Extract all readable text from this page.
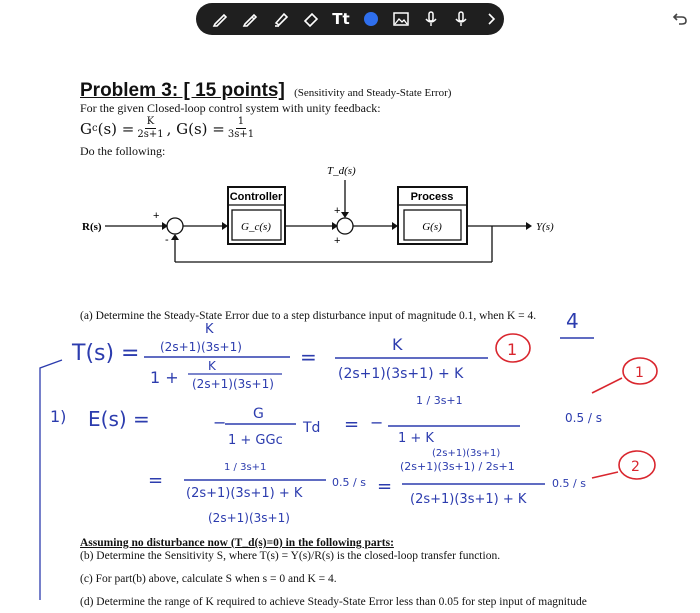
Tt
Problem 3: [ 15 points] (Sensitivity and Steady-State Error)
For the given Closed-loop control system with unity feedback:
G c $(s) = \frac{K}{2s+1}$ , $G(s) = \frac{1}{3s+1}$
Do the following:
T_d(s)
R(s)
+
-
Controller
G_c(s)
+
+
Process
G(s)	Y(s)
(a) Determine the Steady-State Error due to a step disturbance input of magnitude 0.1, when K = 4. 4
T(s) =
K
(2s+1)(3s+1)
1 +
K
(2s+1)(3s+1)
=
K
(2s+1)(3s+1) + K
1) E(s) =	− G
1 + GGc
Td = −
1 / 3s+1
1 + K
(2s+1)(3s+1)
0.5 / s
=
1 / 3s+1
(2s+1)(3s+1) + K
(2s+1)(3s+1)
0.5 / s =
(2s+1)(3s+1) / 2s+1
(2s+1)(3s+1) + K
0.5 / s
1
1
2
Assuming no disturbance now (T_d(s)=0) in the following parts:
(b) Determine the Sensitivity S, where T(s) = Y(s)/R(s) is the closed-loop transfer function.
(c) For part(b) above, calculate S when s = 0 and K = 4.
(d) Determine the range of K required to achieve Steady-State Error less than 0.05 for step input of magnitude
